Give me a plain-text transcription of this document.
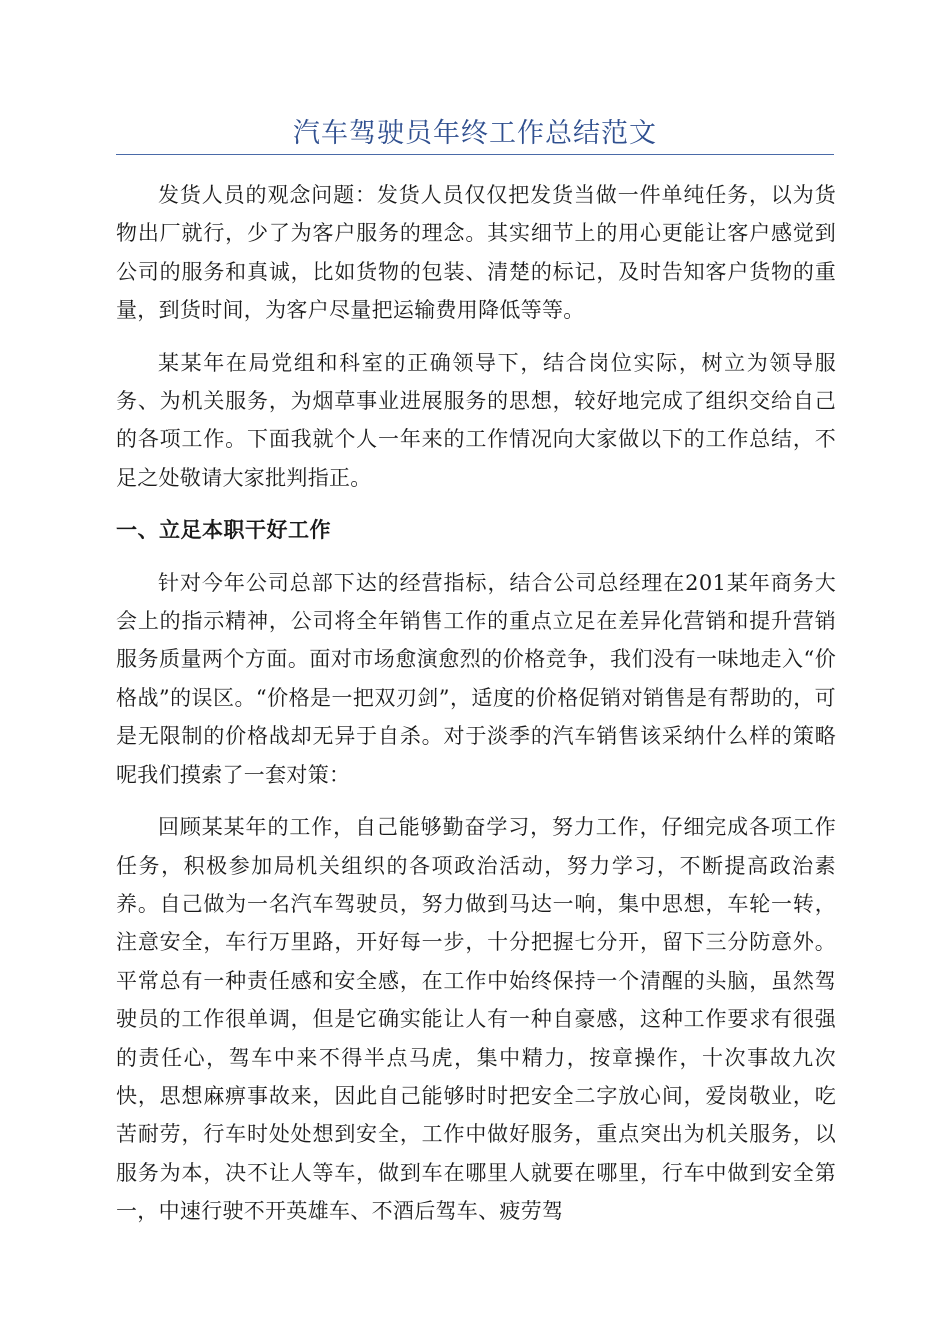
汽车驾驶员年终工作总结范文

发货人员的观念问题：发货人员仅仅把发货当做一件单纯任务，以为货物出厂就行，少了为客户服务的理念。其实细节上的用心更能让客户感觉到公司的服务和真诚，比如货物的包装、清楚的标记，及时告知客户货物的重量，到货时间，为客户尽量把运输费用降低等等。

某某年在局党组和科室的正确领导下，结合岗位实际，树立为领导服务、为机关服务，为烟草事业进展服务的思想，较好地完成了组织交给自己的各项工作。下面我就个人一年来的工作情况向大家做以下的工作总结，不足之处敬请大家批判指正。

一、立足本职干好工作

针对今年公司总部下达的经营指标，结合公司总经理在201某年商务大会上的指示精神，公司将全年销售工作的重点立足在差异化营销和提升营销服务质量两个方面。面对市场愈演愈烈的价格竞争，我们没有一味地走入“价格战”的误区。“价格是一把双刃剑”，适度的价格促销对销售是有帮助的，可是无限制的价格战却无异于自杀。对于淡季的汽车销售该采纳什么样的策略呢我们摸索了一套对策：

回顾某某年的工作，自己能够勤奋学习，努力工作，仔细完成各项工作任务，积极参加局机关组织的各项政治活动，努力学习，不断提高政治素养。自己做为一名汽车驾驶员，努力做到马达一响，集中思想，车轮一转，注意安全，车行万里路，开好每一步，十分把握七分开，留下三分防意外。平常总有一种责任感和安全感，在工作中始终保持一个清醒的头脑，虽然驾驶员的工作很单调，但是它确实能让人有一种自豪感，这种工作要求有很强的责任心，驾车中来不得半点马虎，集中精力，按章操作，十次事故九次快，思想麻痹事故来，因此自己能够时时把安全二字放心间，爱岗敬业，吃苦耐劳，行车时处处想到安全，工作中做好服务，重点突出为机关服务，以服务为本，决不让人等车，做到车在哪里人就要在哪里，行车中做到安全第一，中速行驶不开英雄车、不酒后驾车、疲劳驾
